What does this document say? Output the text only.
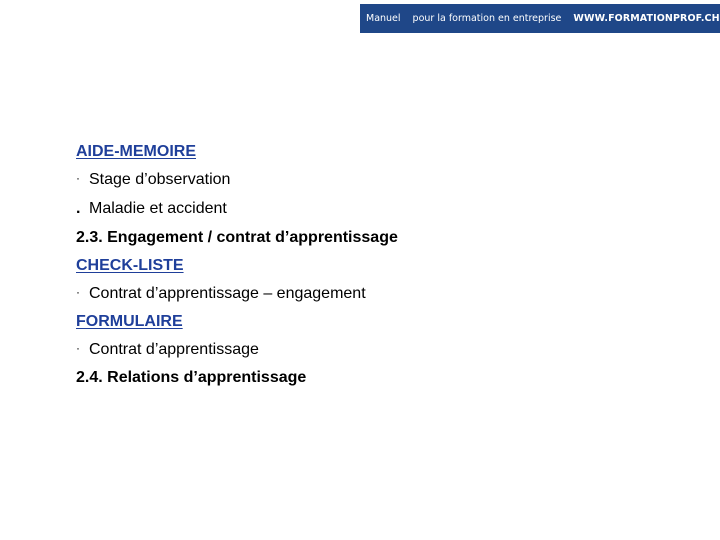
Manuel	pour la formation en entreprise	WWW.FORMATIONPROF.CH
AIDE-MEMOIRE
· Stage d’observation
. Maladie et accident
2.3. Engagement / contrat d’apprentissage
CHECK-LISTE
· Contrat d’apprentissage – engagement
FORMULAIRE
· Contrat d’apprentissage
2.4. Relations d’apprentissage
